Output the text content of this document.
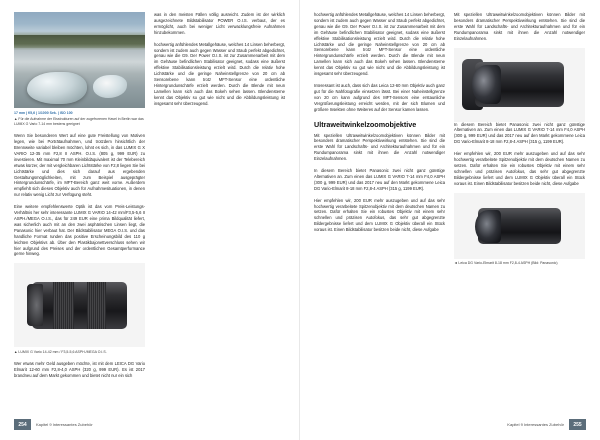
17 mm | f/5,6 | 1/1000 Sek. | ISO 100
▲ Für die Aufnahme der Eisstrukturen auf der zugefrorenen Havel in Berlin war das LUMIX G Vario 7-14 mm bestens geeignet

Wenn Sie besonderen Wert auf eine gute Freistellung von Motiven legen, wie bei Porträtaufnahmen, und trotzdem hinsichtlich der Brennweite variabel bleiben möchten, lohnt es sich, in das LUMIX G X VARIO 12-35 mm F2,8 II ASPH. O.I.S. (805 g, 999 EUR) zu investieren. Mit maximal 70 mm Kleinbildäquivalent ist der Telebereich etwas kürzer, der mit vergleichbaren Lichtstärke von F2,8 liegen Sie bei Lichtstärke und dies sich darauf aus ergebenden Gestaltungsmöglichkeiten, mit zum Beispiel ausgeprägter Hintergrundunschärfe, im MFT-Bereich ganz weit vorne. Außerdem empfiehlt sich dieses Objektiv auch für Aufnahmesituationen, in denen nur relativ wenig Licht zur Verfügung steht.

Eine weitere empfehlenswerte Optik ist das vom Preis-Leistungs-Verhältnis her sehr interessante LUMIX G VARIO 14-42 mm/F3,5-5,6 II ASPH./MEGA O.I.S., das für 249 EUR eine prima Bildqualität liefert, was sicherlich auch mit an den zwei asphärischen Linsen liegt, die Panasonic hier verbaut hat. Der Bildstabilisator MEGA O.I.S. und das handliche Format runden das positive Erscheinungsbild des 110 g leichten Objektivs ab. Über den Plastikbajonettverschluss sehen wir hier aufgrund des Preises und der ordentlichen Gesamtperformance gerne hinweg.

▲ LUMIX G Vario 14-42 mm / F3,5-5,6 ASPH./MEGA O.I.S.

Wer etwas mehr Geld ausgeben möchte, ist mit dem LEICA DG Vario Elmarit 12-60 mm F2,8-4,0 ASPH (320 g, 999 EUR). Es ist 2017 brandneu auf dem Markt gekommen und bietet nicht nur ein sich

was in den meisten Fällen völlig ausreicht. Zudem ist der wirklich ausgezeichnete Bildstabilisator POWER O.I.S. verbaut, der es ermöglicht, auch bei weniger Licht verwacklungsfreie Aufnahmen hinzubekommen.

hochwertig anfühlendes Metallgehäuse, welches 14 Linsen beherbergt, sondern ist zudem auch gegen Wasser und Staub perfekt abgedichtet, genau wie die G9. Der Power O.I.S. ist zur Zusammenarbeit mit dem im Gehäuse befindlichen Stabilisator geeignet, sodass eine äußerst effektive Stabilisationsleistung erzielt wird. Durch die relativ hohe Lichtstärke und die geringe Naheinstellgrenze von 20 cm ab Sensorebene kann trotz MFT-Sensor eine ordentliche Hintergrundunschärfe erzielt werden. Durch die Blende mit neun Lamellen kann sich auch das Bokeh sehen lassen. Blendensterne kennt das Objektiv so gut wie nicht und die Abbildungsleistung ist insgesamt sehr überzeugend.

254	Kapitel 9 Interessantes Zubehör

hochwertig anfühlendes Metallgehäuse, welches 14 Linsen beherbergt, sondern ist zudem auch gegen Wasser und Staub perfekt abgedichtet, genau wie die G9. Der Power O.I.S. ist zur Zusammenarbeit mit dem im Gehäuse befindlichen Stabilisator geeignet, sodass eine äußerst effektive Stabilisationsleistung erzielt wird. Durch die relativ hohe Lichtstärke und die geringe Naheinstellgrenze von 20 cm ab Sensorebene kann trotz MFT-Sensor eine ordentliche Hintergrundunschärfe erzielt werden. Durch die Blende mit neun Lamellen kann sich auch das Bokeh sehen lassen. Blendensterne kennt das Objektiv so gut wie nicht und die Abbildungsleistung ist insgesamt sehr überzeugend.

Interessant ist auch, dass sich das Leica 12-60 mm Objektiv auch ganz gut für die Nahfotografie einsetzen lässt. Bei einer Naheinstellgrenze von 20 cm kann aufgrund des MFT-Sensors eine erstaunliche Vergrößerungsleistung erreicht werden, mit der sich Blumen und größere Insekten ohne Weiteres auf der Sensor kamen lassen.

Ultraweitwinkelzoomobjektive

Mit speziellen Ultraweitwinkelzoomobjektiven können Bilder mit besonders dramatischer Perspektivwirkung entstehen. Sie sind die erste Wahl für Landschafts- und Architekturaufnahmen und für ein Rundumpanorama sinkt mit ihnen die Anzahl notwendiger Einzelaufnahmen.

In diesem Bereich bietet Panasonic zwei nicht ganz günstige Alternativen an. Zum einen das LUMIX G VARIO 7-14 mm F4,0 ASPH (300 g, 999 EUR) und das 2017 neu auf den Markt gekommene Leica DG Vario-Elmarit 8-18 mm F2,8-4 ASPH (315 g, 1199 EUR).

Hier empfehlen wir, 200 EUR mehr auszugeben und auf das sehr hochwertig verarbeitete Spitzenobjektiv mit dem deutschen Namen zu setzen. Dafür erhalten Sie ein robustes Objektiv mit einem sehr schnellen und präzisen Autofokus, das sehr gut abgegrenzte Bildergebnisse liefert und dem LUMIX G Objektiv überall ein Stück voraus ist. Einen Bildstabilisator besitzen beide nicht, diese Aufgabe

Mit speziellen Ultraweitwinkelzoomobjektiven können Bilder mit besonders dramatischer Perspektivwirkung entstehen. Sie sind die erste Wahl für Landschafts- und Architekturaufnahmen und für ein Rundumpanorama sinkt mit ihnen die Anzahl notwendiger Einzelaufnahmen.

In diesem Bereich bietet Panasonic zwei nicht ganz günstige Alternativen an. Zum einen das LUMIX G VARIO 7-14 mm F4,0 ASPH (300 g, 999 EUR) und das 2017 neu auf den Markt gekommene Leica DG Vario-Elmarit 8-18 mm F2,8-4 ASPH (315 g, 1199 EUR).

Hier empfehlen wir, 200 EUR mehr auszugeben und auf das sehr hochwertig verarbeitete Spitzenobjektiv mit dem deutschen Namen zu setzen. Dafür erhalten Sie ein robustes Objektiv mit einem sehr schnellen und präzisen Autofokus, das sehr gut abgegrenzte Bildergebnisse liefert und dem LUMIX G Objektiv überall ein Stück voraus ist. Einen Bildstabilisator besitzen beide nicht, diese Aufgabe

◄ Leica DG Vario-Elmarit 8-18 mm F2,8-4 ASPH (Bild: Panasonic)
Kapitel 9 Interessantes Zubehör	255
